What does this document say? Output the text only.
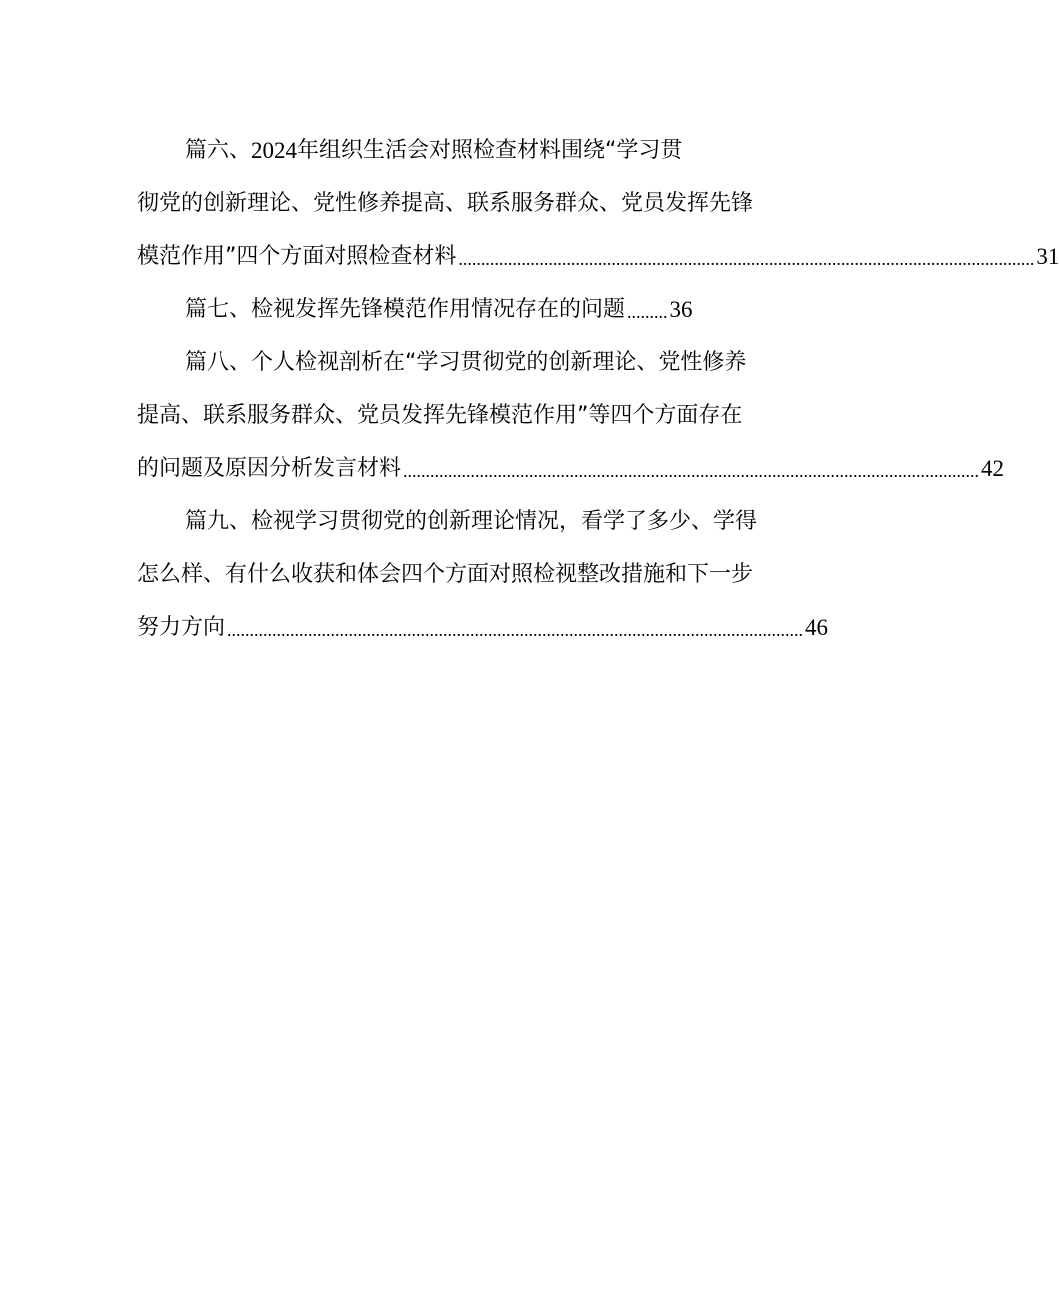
篇六、 2024 年组织生活会对照检查材料围绕“学习贯
彻党的创新理论、党性修养提高、联系服务群众、党员发挥先锋
模范作用”四个方面对照检查材料 ................................................................................................................................ 31
篇七、检视发挥先锋模范作用情况存在的问题 ......... 36
篇八、个人检视剖析在“学习贯彻党的创新理论、党性修养
提高、联系服务群众、党员发挥先锋模范作用”等四个方面存在
的问题及原因分析发言材料 ................................................................................................................................ 42
篇九、检视学习贯彻党的创新理论情况，看学了多少、学得
怎么样、有什么收获和体会四个方面对照检视整改措施和下一步
努力方向 ................................................................................................................................ 46
